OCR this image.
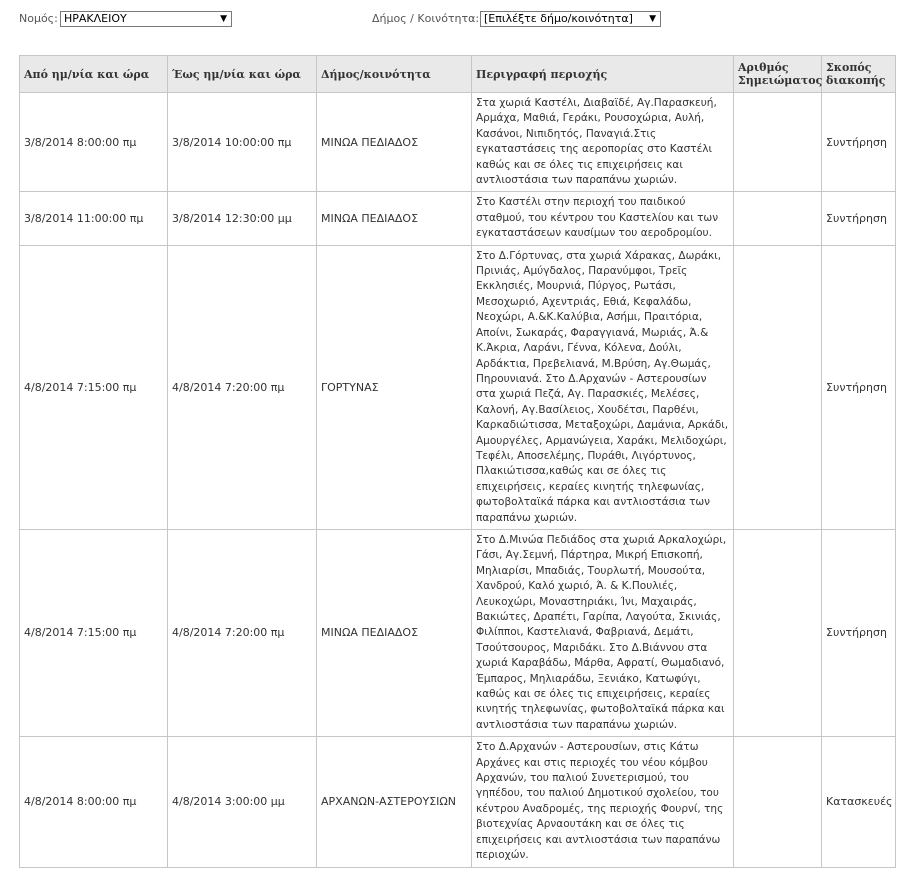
Νομός: ΗΡΑΚΛΕΙΟΥ	▼	Δήμος / Κοινότητα: [Επιλέξτε δήμο/κοινότητα] ▼
Από ημ/νία και ώρα	Έως ημ/νία και ώρα	Δήμος/κοινότητα	Περιγραφή περιοχής	Αριθμός Σημειώματος	Σκοπός διακοπής
3/8/2014 8:00:00 πμ	3/8/2014 10:00:00 πμ	ΜΙΝΩΑ ΠΕΔΙΑΔΟΣ	Στα χωριά Καστέλι, Διαβαϊδέ, Αγ.Παρασκευή, Αρμάχα, Μαθιά, Γεράκι, Ρουσοχώρια, Αυλή, Κασάνοι, Νιπιδητός, Παναγιά.Στις εγκαταστάσεις της αεροπορίας στο Καστέλι καθώς και σε όλες τις επιχειρήσεις και αντλιοστάσια των παραπάνω χωριών.		Συντήρηση
3/8/2014 11:00:00 πμ	3/8/2014 12:30:00 μμ	ΜΙΝΩΑ ΠΕΔΙΑΔΟΣ	Στο Καστέλι στην περιοχή του παιδικού σταθμού, του κέντρου του Καστελίου και των εγκαταστάσεων καυσίμων του αεροδρομίου.		Συντήρηση
4/8/2014 7:15:00 πμ	4/8/2014 7:20:00 πμ	ΓΟΡΤΥΝΑΣ	Στο Δ.Γόρτυνας, στα χωριά Χάρακας, Δωράκι, Πρινιάς, Αμύγδαλος, Παρανύμφοι, Τρεῖς Εκκλησιές, Μουρνιά, Πύργος, Ρωτάσι, Μεσοχωριό, Αχεντριάς, Εθιά, Κεφαλάδω, Νεοχώρι, Α.&Κ.Καλύβια, Ασήμι, Πραιτόρια, Αποίνι, Σωκαράς, Φαραγγιανά, Μωριάς, Ά.& Κ.Άκρια, Λαράνι, Γέννα, Κόλενα, Δούλι, Αρδάκτια, Πρεβελιανά, Μ.Βρύση, Αγ.Θωμάς, Πηρουνιανά. Στο Δ.Αρχανών - Αστερουσίων στα χωριά Πεζά, Αγ. Παρασκιές, Μελέσες, Καλονή, Αγ.Βασίλειος, Χουδέτσι, Παρθένι, Καρκαδιώτισσα, Μεταξοχώρι, Δαμάνια, Αρκάδι, Αμουργέλες, Αρμανώγεια, Χαράκι, Μελιδοχώρι, Τεφέλι, Αποσελέμης, Πυράθι, Λιγόρτυνος, Πλακιώτισσα,καθώς και σε όλες τις επιχειρήσεις, κεραίες κινητής τηλεφωνίας, φωτοβολταϊκά πάρκα και αντλιοστάσια των παραπάνω χωριών.		Συντήρηση
4/8/2014 7:15:00 πμ	4/8/2014 7:20:00 πμ	ΜΙΝΩΑ ΠΕΔΙΑΔΟΣ	Στο Δ.Μινώα Πεδιάδος στα χωριά Αρκαλοχώρι, Γάσι, Αγ.Σεμνή, Πάρτηρα, Μικρή Επισκοπή, Μηλιαρίσι, Μπαδιάς, Τουρλωτή, Μουσούτα, Χανδρού, Καλό χωριό, Ά. & Κ.Πουλιές, Λευκοχώρι, Μοναστηριάκι, Ίνι, Μαχαιράς, Βακιώτες, Δραπέτι, Γαρίπα, Λαγούτα, Σκινιάς, Φιλίπποι, Καστελιανά, Φαβριανά, Δεμάτι, Τσούτσουρος, Μαριδάκι. Στο Δ.Βιάννου στα χωριά Καραβάδω, Μάρθα, Αφρατί, Θωμαδιανό, Έμπαρος, Μηλιαράδω, Ξενιάκο, Κατωφύγι, καθώς και σε όλες τις επιχειρήσεις, κεραίες κινητής τηλεφωνίας, φωτοβολταϊκά πάρκα και αντλιοστάσια των παραπάνω χωριών.		Συντήρηση
4/8/2014 8:00:00 πμ	4/8/2014 3:00:00 μμ	ΑΡΧΑΝΩΝ-ΑΣΤΕΡΟΥΣΙΩΝ	Στο Δ.Αρχανών - Αστερουσίων, στις Κάτω Αρχάνες και στις περιοχές του νέου κόμβου Αρχανών, του παλιού Συνετερισμού, του γηπέδου, του παλιού Δημοτικού σχολείου, του κέντρου Αναδρομές, της περιοχής Φουρνί, της βιοτεχνίας Αρναουτάκη και σε όλες τις επιχειρήσεις και αντλιοστάσια των παραπάνω περιοχών.		Κατασκευές
